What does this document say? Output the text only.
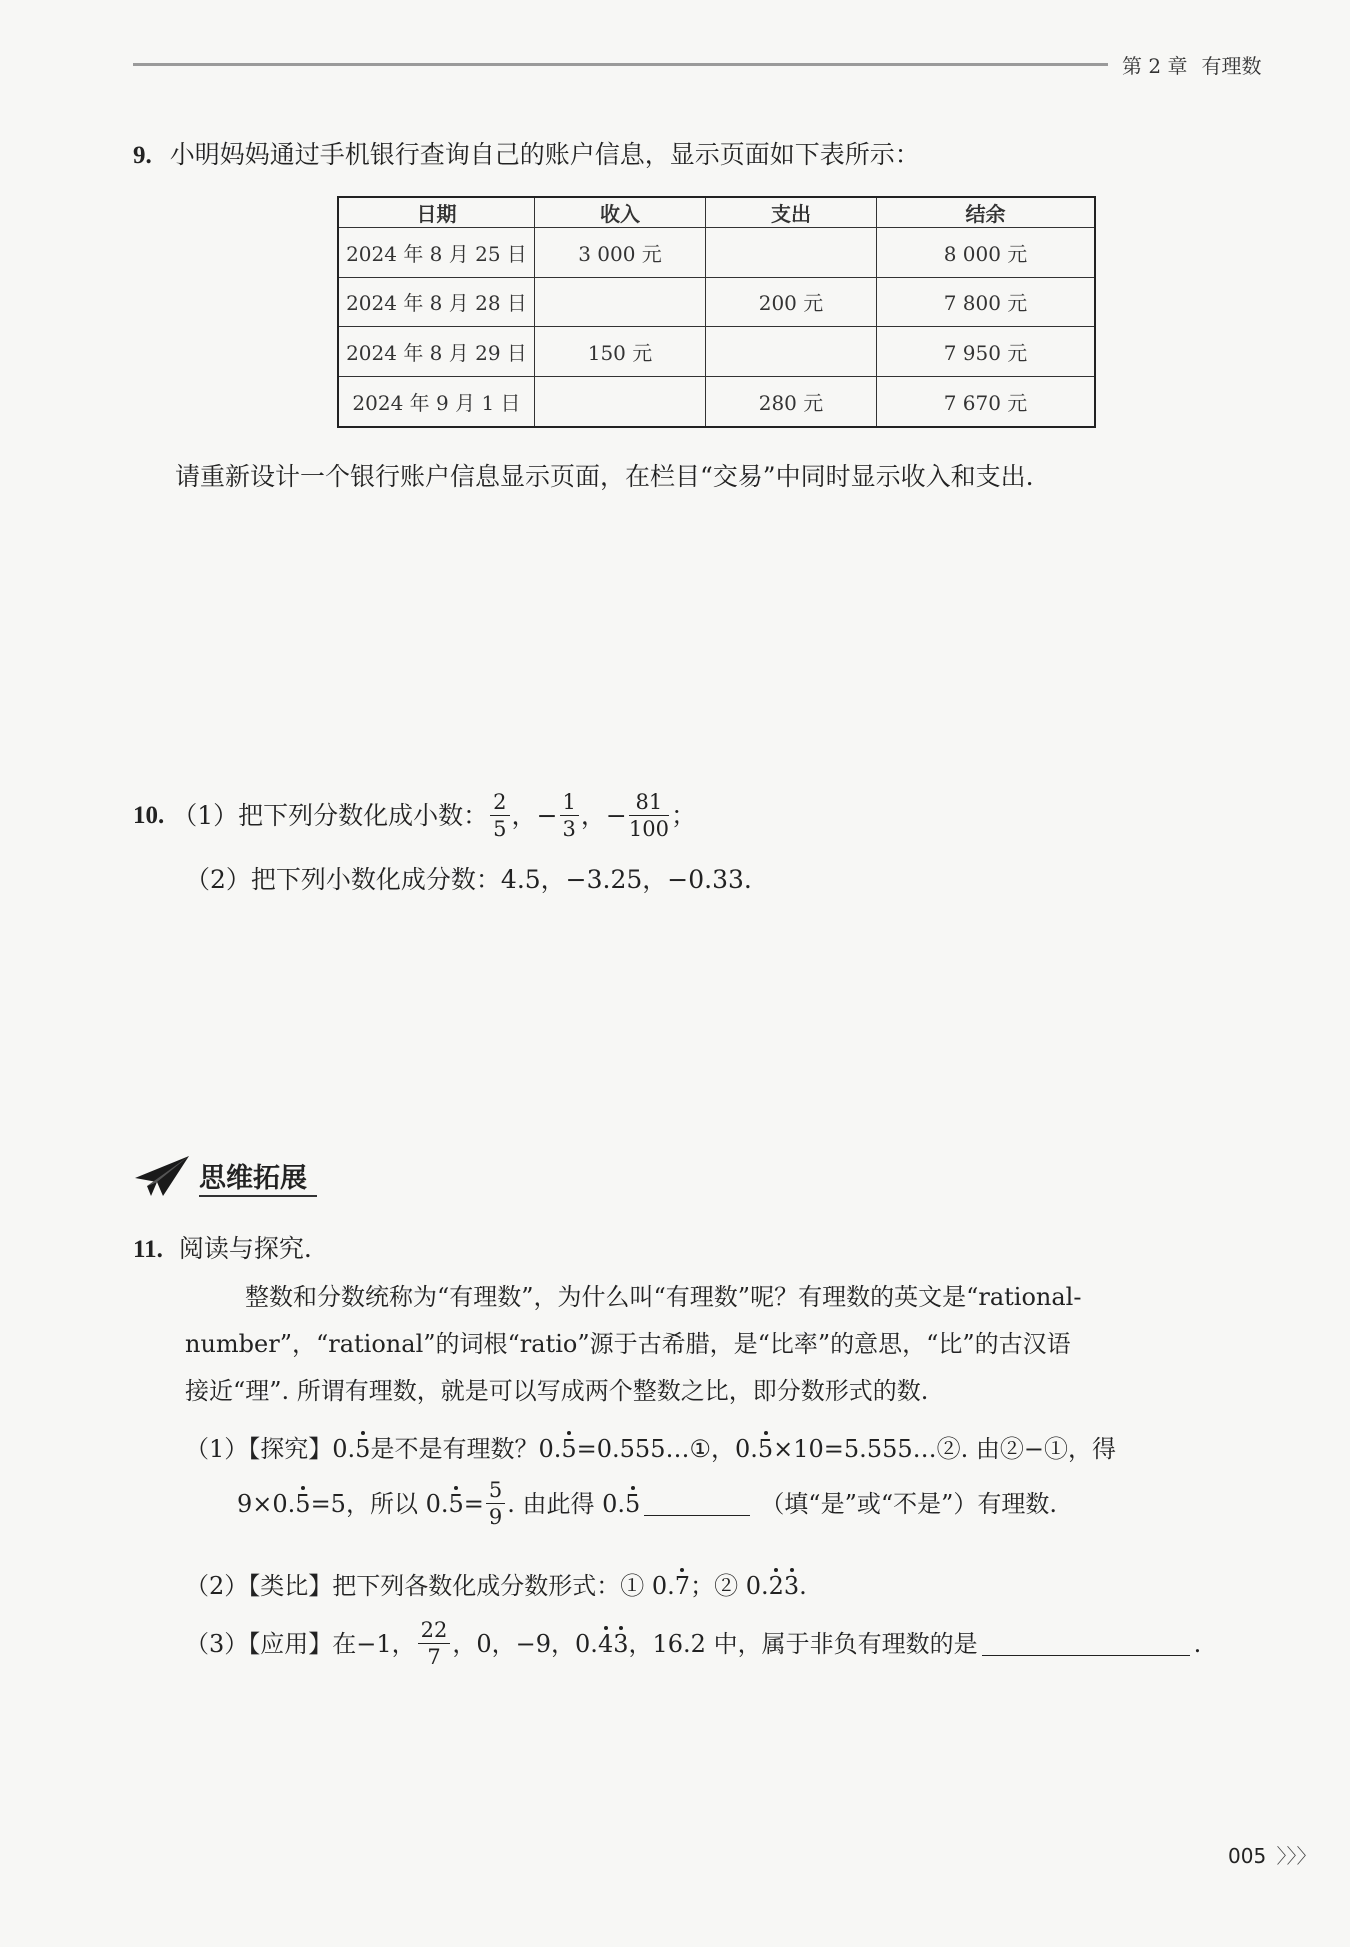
第 2 章 有理数
9. 小明妈妈通过手机银行查询自己的账户信息，显示页面如下表所示：
日期	收入	支出	结余
2024 年 8 月 25 日	3 000 元		8 000 元
2024 年 8 月 28 日		200 元	7 800 元
2024 年 8 月 29 日	150 元		7 950 元
2024 年 9 月 1 日		280 元	7 670 元
请重新设计一个银行账户信息显示页面，在栏目“交易”中同时显示收入和支出.
10. （1）把下列分数化成小数： $\frac{2}{5}$ ， − $\frac{1}{3}$ ， − $\frac{81}{100}$ ；
（2）把下列小数化成分数：4.5，−3.25，−0.33.
思维拓展
11. 阅读与探究.
整数和分数统称为“有理数”，为什么叫“有理数”呢？有理数的英文是“rational-
number”，“rational”的词根“ratio”源于古希腊，是“比率”的意思，“比”的古汉语
接近“理”. 所谓有理数，就是可以写成两个整数之比，即分数形式的数.
（1）【探究】0.5是不是有理数？0.5=0.555…①，0.5×10=5.555…②. 由②−①，得
9×0. 5 =5，所以 0. $5 = \frac{5}{9}$ . 由此得 0. 5	（填“是”或“不是”）有理数.
（2）【类比】把下列各数化成分数形式：① 0.7；② 0.23.
（3）【应用】在−1， $\frac{22}{7}$ ，0，−9，0. 4 3 ，16.2 中，属于非负有理数的是	.
005 〉〉〉
